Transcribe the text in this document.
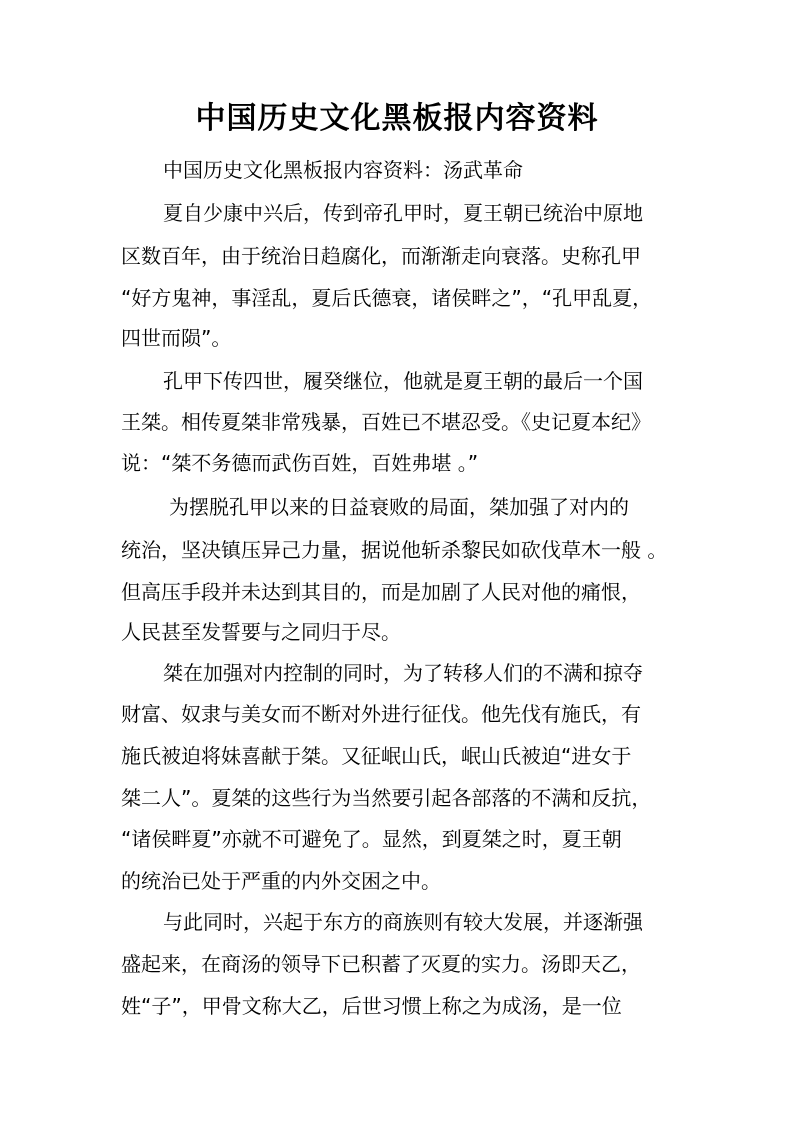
中国历史文化黑板报内容资料
中国历史文化黑板报内容资料：汤武革命
夏自少康中兴后，传到帝孔甲时，夏王朝已统治中原地
区数百年，由于统治日趋腐化，而渐渐走向衰落。史称孔甲
“好方鬼神，事淫乱，夏后氏德衰，诸侯畔之”，“孔甲乱夏，
四世而陨”。
孔甲下传四世，履癸继位，他就是夏王朝的最后一个国
王桀。相传夏桀非常残暴，百姓已不堪忍受。《史记夏本纪》
说：“桀不务德而武伤百姓，百姓弗堪 。”
为摆脱孔甲以来的日益衰败的局面，桀加强了对内的
统治，坚决镇压异己力量，据说他斩杀黎民如砍伐草木一般 。
但高压手段并未达到其目的，而是加剧了人民对他的痛恨，
人民甚至发誓要与之同归于尽。
桀在加强对内控制的同时，为了转移人们的不满和掠夺
财富、奴隶与美女而不断对外进行征伐。他先伐有施氏，有
施氏被迫将妹喜献于桀。又征岷山氏，岷山氏被迫“进女于
桀二人”。夏桀的这些行为当然要引起各部落的不满和反抗，
“诸侯畔夏”亦就不可避免了。显然，到夏桀之时，夏王朝
的统治已处于严重的内外交困之中。
与此同时，兴起于东方的商族则有较大发展，并逐渐强
盛起来，在商汤的领导下已积蓄了灭夏的实力。汤即天乙，
姓“子”，甲骨文称大乙，后世习惯上称之为成汤，是一位
